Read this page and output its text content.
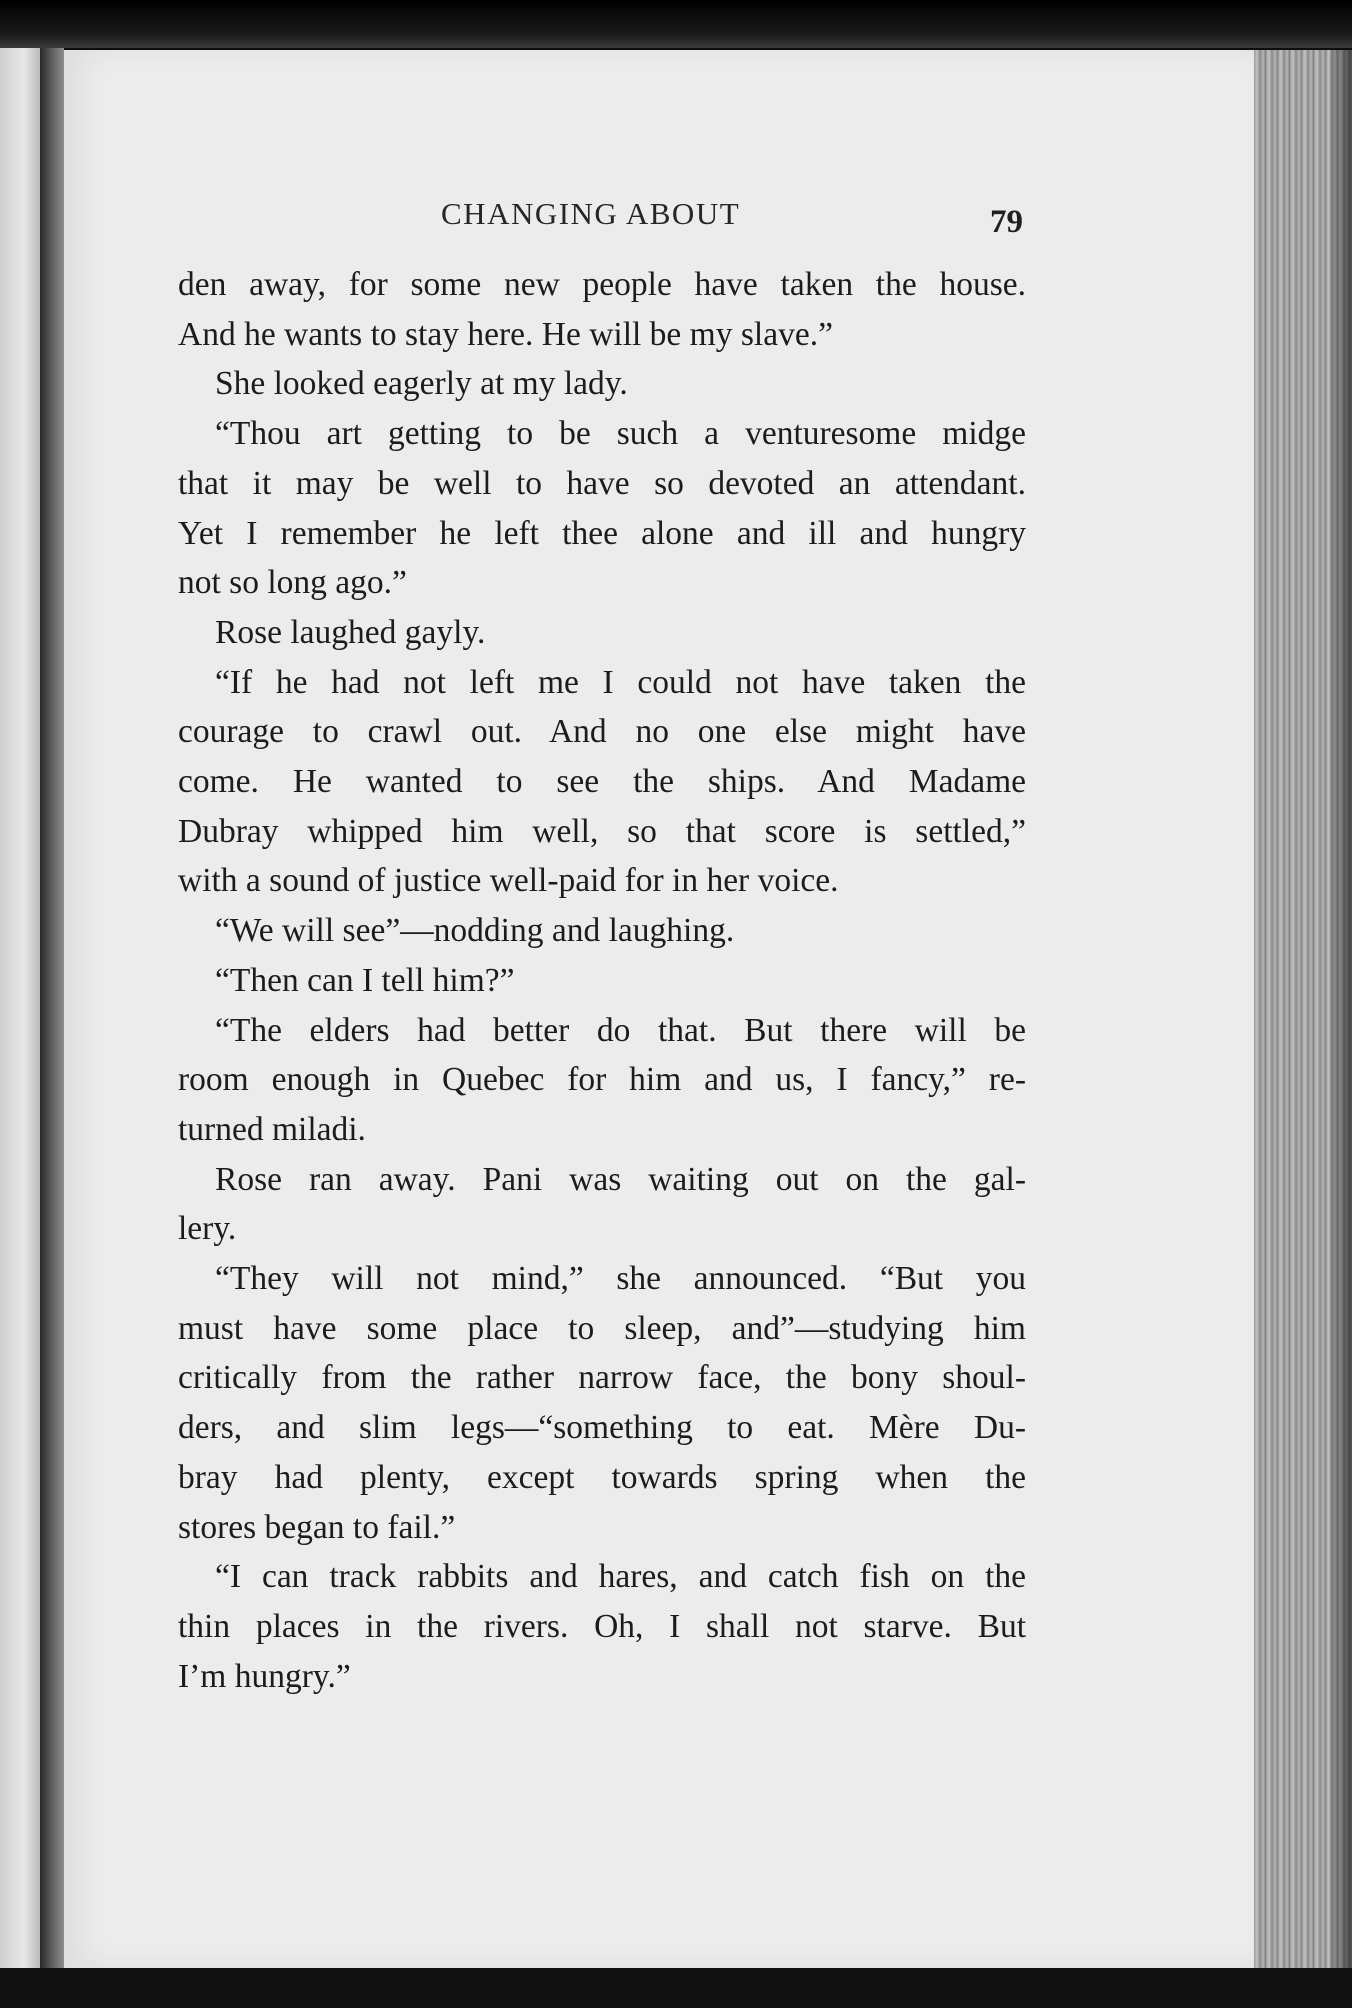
CHANGING ABOUT	79
den away, for some new people have taken the house.
And he wants to stay here. He will be my slave.”
She looked eagerly at my lady.
“Thou art getting to be such a venturesome midge
that it may be well to have so devoted an attendant.
Yet I remember he left thee alone and ill and hungry
not so long ago.”
Rose laughed gayly.
“If he had not left me I could not have taken the
courage to crawl out. And no one else might have
come. He wanted to see the ships. And Madame
Dubray whipped him well, so that score is settled,”
with a sound of justice well-paid for in her voice.
“We will see”—nodding and laughing.
“Then can I tell him?”
“The elders had better do that. But there will be
room enough in Quebec for him and us, I fancy,” re-
turned miladi.
Rose ran away. Pani was waiting out on the gal-
lery.
“They will not mind,” she announced. “But you
must have some place to sleep, and”—studying him
critically from the rather narrow face, the bony shoul-
ders, and slim legs—“something to eat. Mère Du-
bray had plenty, except towards spring when the
stores began to fail.”
“I can track rabbits and hares, and catch fish on the
thin places in the rivers. Oh, I shall not starve. But
I’m hungry.”
